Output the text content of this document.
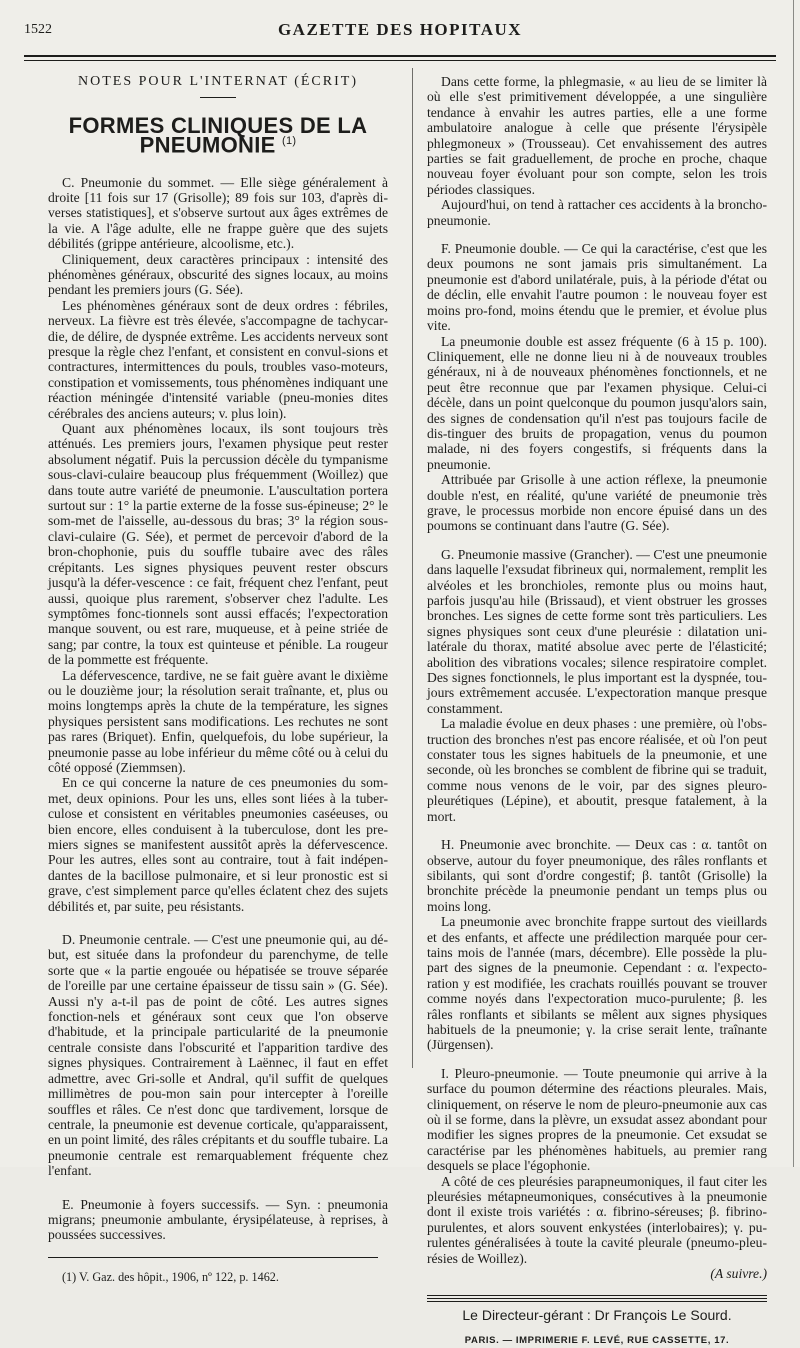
1522	GAZETTE DES HOPITAUX
NOTES POUR L'INTERNAT (ÉCRIT)
FORMES CLINIQUES DE LA PNEUMONIE $^{(1)}$

C. Pneumonie du sommet. — Elle siège généralement à droite [11 fois sur 17 (Grisolle); 89 fois sur 103, d'après di-verses statistiques], et s'observe surtout aux âges extrêmes de la vie. A l'âge adulte, elle ne frappe guère que des sujets débilités (grippe antérieure, alcoolisme, etc.).

Cliniquement, deux caractères principaux : intensité des phénomènes généraux, obscurité des signes locaux, au moins pendant les premiers jours (G. Sée).

Les phénomènes généraux sont de deux ordres : fébriles, nerveux. La fièvre est très élevée, s'accompagne de tachycar-die, de délire, de dyspnée extrême. Les accidents nerveux sont presque la règle chez l'enfant, et consistent en convul-sions et contractures, intermittences du pouls, troubles vaso-moteurs, constipation et vomissements, tous phénomènes indiquant une réaction méningée d'intensité variable (pneu-monies dites cérébrales des anciens auteurs; v. plus loin).

Quant aux phénomènes locaux, ils sont toujours très atténués. Les premiers jours, l'examen physique peut rester absolument négatif. Puis la percussion décèle du tympanisme sous-clavi-culaire beaucoup plus fréquemment (Woillez) que dans toute autre variété de pneumonie. L'auscultation portera surtout sur : 1° la partie externe de la fosse sus-épineuse; 2° le som-met de l'aisselle, au-dessous du bras; 3° la région sous-clavi-culaire (G. Sée), et permet de percevoir d'abord de la bron-chophonie, puis du souffle tubaire avec des râles crépitants. Les signes physiques peuvent rester obscurs jusqu'à la défer-vescence : ce fait, fréquent chez l'enfant, peut aussi, quoique plus rarement, s'observer chez l'adulte. Les symptômes fonc-tionnels sont aussi effacés; l'expectoration manque souvent, ou est rare, muqueuse, et à peine striée de sang; par contre, la toux est quinteuse et pénible. La rougeur de la pommette est fréquente.

La défervescence, tardive, ne se fait guère avant le dixième ou le douzième jour; la résolution serait traînante, et, plus ou moins longtemps après la chute de la température, les signes physiques persistent sans modifications. Les rechutes ne sont pas rares (Briquet). Enfin, quelquefois, du lobe supérieur, la pneumonie passe au lobe inférieur du même côté ou à celui du côté opposé (Ziemmsen).

En ce qui concerne la nature de ces pneumonies du som-met, deux opinions. Pour les uns, elles sont liées à la tuber-culose et consistent en véritables pneumonies caséeuses, ou bien encore, elles conduisent à la tuberculose, dont les pre-miers signes se manifestent aussitôt après la défervescence. Pour les autres, elles sont au contraire, tout à fait indépen-dantes de la bacillose pulmonaire, et si leur pronostic est si grave, c'est simplement parce qu'elles éclatent chez des sujets débilités et, par suite, peu résistants.

D. Pneumonie centrale. — C'est une pneumonie qui, au dé-but, est située dans la profondeur du parenchyme, de telle sorte que « la partie engouée ou hépatisée se trouve séparée de l'oreille par une certaine épaisseur de tissu sain » (G. Sée). Aussi n'y a-t-il pas de point de côté. Les autres signes fonction-nels et généraux sont ceux que l'on observe d'habitude, et la principale particularité de la pneumonie centrale consiste dans l'obscurité et l'apparition tardive des signes physiques. Contrairement à Laënnec, il faut en effet admettre, avec Gri-solle et Andral, qu'il suffit de quelques millimètres de pou-mon sain pour intercepter à l'oreille souffles et râles. Ce n'est donc que tardivement, lorsque de centrale, la pneumonie est devenue corticale, qu'apparaissent, en un point limité, des râles crépitants et du souffle tubaire. La pneumonie centrale est remarquablement fréquente chez l'enfant.

E. Pneumonie à foyers successifs. — Syn. : pneumonia migrans; pneumonie ambulante, érysipélateuse, à reprises, à poussées successives.

(1) V. Gaz. des hôpit., 1906, nº 122, p. 1462.

Dans cette forme, la phlegmasie, « au lieu de se limiter là où elle s'est primitivement développée, a une singulière tendance à envahir les autres parties, elle a une forme ambulatoire analogue à celle que présente l'érysipèle phlegmoneux » (Trousseau). Cet envahissement des autres parties se fait graduellement, de proche en proche, chaque nouveau foyer évoluant pour son compte, selon les trois périodes classiques.

Aujourd'hui, on tend à rattacher ces accidents à la broncho-pneumonie.

F. Pneumonie double. — Ce qui la caractérise, c'est que les deux poumons ne sont jamais pris simultanément. La pneumonie est d'abord unilatérale, puis, à la période d'état ou de déclin, elle envahit l'autre poumon : le nouveau foyer est moins pro-fond, moins étendu que le premier, et évolue plus vite.

La pneumonie double est assez fréquente (6 à 15 p. 100). Cliniquement, elle ne donne lieu ni à de nouveaux troubles généraux, ni à de nouveaux phénomènes fonctionnels, et ne peut être reconnue que par l'examen physique. Celui-ci décèle, dans un point quelconque du poumon jusqu'alors sain, des signes de condensation qu'il n'est pas toujours facile de dis-tinguer des bruits de propagation, venus du poumon malade, ni des foyers congestifs, si fréquents dans la pneumonie.

Attribuée par Grisolle à une action réflexe, la pneumonie double n'est, en réalité, qu'une variété de pneumonie très grave, le processus morbide non encore épuisé dans un des poumons se continuant dans l'autre (G. Sée).

G. Pneumonie massive (Grancher). — C'est une pneumonie dans laquelle l'exsudat fibrineux qui, normalement, remplit les alvéoles et les bronchioles, remonte plus ou moins haut, parfois jusqu'au hile (Brissaud), et vient obstruer les grosses bronches. Les signes de cette forme sont très particuliers. Les signes physiques sont ceux d'une pleurésie : dilatation uni-latérale du thorax, matité absolue avec perte de l'élasticité; abolition des vibrations vocales; silence respiratoire complet. Des signes fonctionnels, le plus important est la dyspnée, tou-jours extrêmement accusée. L'expectoration manque presque constamment.

La maladie évolue en deux phases : une première, où l'obs-truction des bronches n'est pas encore réalisée, et où l'on peut constater tous les signes habituels de la pneumonie, et une seconde, où les bronches se comblent de fibrine qui se traduit, comme nous venons de le voir, par des signes pleuro-pleurétiques (Lépine), et aboutit, presque fatalement, à la mort.

H. Pneumonie avec bronchite. — Deux cas : α. tantôt on observe, autour du foyer pneumonique, des râles ronflants et sibilants, qui sont d'ordre congestif; β. tantôt (Grisolle) la bronchite précède la pneumonie pendant un temps plus ou moins long.

La pneumonie avec bronchite frappe surtout des vieillards et des enfants, et affecte une prédilection marquée pour cer-tains mois de l'année (mars, décembre). Elle possède la plu-part des signes de la pneumonie. Cependant : α. l'expecto-ration y est modifiée, les crachats rouillés pouvant se trouver comme noyés dans l'expectoration muco-purulente; β. les râles ronflants et sibilants se mêlent aux signes physiques habituels de la pneumonie; γ. la crise serait lente, traînante (Jürgensen).

I. Pleuro-pneumonie. — Toute pneumonie qui arrive à la surface du poumon détermine des réactions pleurales. Mais, cliniquement, on réserve le nom de pleuro-pneumonie aux cas où il se forme, dans la plèvre, un exsudat assez abondant pour modifier les signes propres de la pneumonie. Cet exsudat se caractérise par les phénomènes habituels, au premier rang desquels se place l'égophonie.

A côté de ces pleurésies parapneumoniques, il faut citer les pleurésies métapneumoniques, consécutives à la pneumonie dont il existe trois variétés : α. fibrino-séreuses; β. fibrino-purulentes, et alors souvent enkystées (interlobaires); γ. pu-rulentes généralisées à toute la cavité pleurale (pneumo-pleu-résies de Woillez).

(A suivre.)
Le Directeur-gérant : Dr François Le Sourd.
PARIS. — IMPRIMERIE F. LEVÉ, RUE CASSETTE, 17.
